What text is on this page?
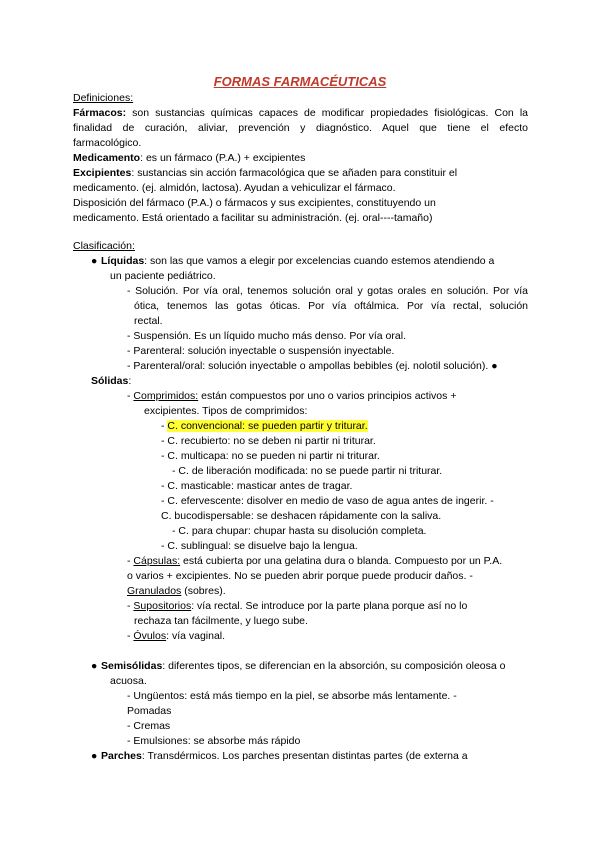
FORMAS FARMACÉUTICAS
Definiciones:
Fármacos: son sustancias químicas capaces de modificar propiedades fisiológicas. Con la
finalidad de curación, aliviar, prevención y diagnóstico. Aquel que tiene el efecto
farmacológico.
Medicamento: es un fármaco (P.A.) + excipientes
Excipientes: sustancias sin acción farmacológica que se añaden para constituir el
medicamento. (ej. almidón, lactosa). Ayudan a vehiculizar el fármaco.
Disposición del fármaco (P.A.) o fármacos y sus excipientes, constituyendo un
medicamento. Está orientado a facilitar su administración. (ej. oral----tamaño)
Clasificación:
● Líquidas: son las que vamos a elegir por excelencias cuando estemos atendiendo a
un paciente pediátrico.
- Solución. Por vía oral, tenemos solución oral y gotas orales en solución. Por vía
ótica, tenemos las gotas óticas. Por vía oftálmica. Por vía rectal, solución
rectal.
- Suspensión. Es un líquido mucho más denso. Por vía oral.
- Parenteral: solución inyectable o suspensión inyectable.
- Parenteral/oral: solución inyectable o ampollas bebibles (ej. nolotil solución). ●
Sólidas:
- Comprimidos: están compuestos por uno o varios principios activos +
excipientes. Tipos de comprimidos:
- C. convencional: se pueden partir y triturar.
- C. recubierto: no se deben ni partir ni triturar.
- C. multicapa: no se pueden ni partir ni triturar.
- C. de liberación modificada: no se puede partir ni triturar.
- C. masticable: masticar antes de tragar.
- C. efervescente: disolver en medio de vaso de agua antes de ingerir. -
C. bucodispersable: se deshacen rápidamente con la saliva.
- C. para chupar: chupar hasta su disolución completa.
- C. sublingual: se disuelve bajo la lengua.
- Cápsulas: está cubierta por una gelatina dura o blanda. Compuesto por un P.A.
o varios + excipientes. No se pueden abrir porque puede producir daños. -
Granulados (sobres).
- Supositorios: vía rectal. Se introduce por la parte plana porque así no lo
rechaza tan fácilmente, y luego sube.
- Óvulos: vía vaginal.
● Semisólidas: diferentes tipos, se diferencian en la absorción, su composición oleosa o
acuosa.
- Ungüentos: está más tiempo en la piel, se absorbe más lentamente. -
Pomadas
- Cremas
- Emulsiones: se absorbe más rápido
● Parches: Transdérmicos. Los parches presentan distintas partes (de externa a
